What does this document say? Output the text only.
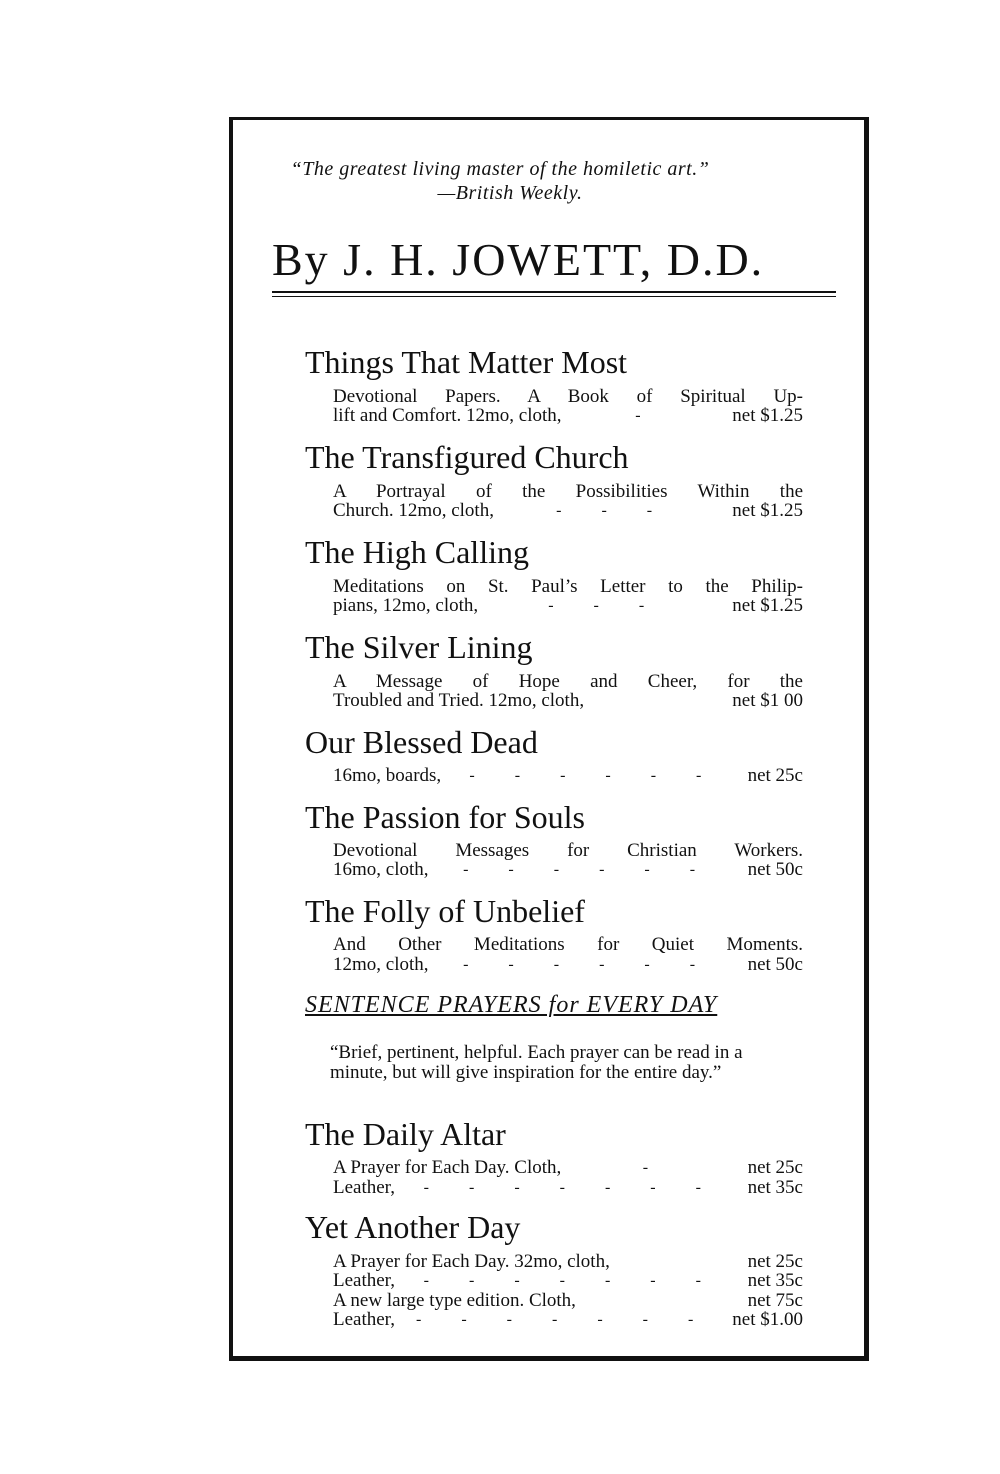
“The greatest living master of the homiletic art.”
—British Weekly.
By J. H. JOWETT, D.D.
Things That Matter Most
Devotional Papers. A Book of Spiritual Up-
lift and Comfort. 12mo, cloth,	-	net $1.25
The Transfigured Church
A Portrayal of the Possibilities Within the
Church. 12mo, cloth,	- - -	net $1.25
The High Calling
Meditations on St. Paul’s Letter to the Philip-
pians, 12mo, cloth,	- - -	net $1.25
The Silver Lining
A Message of Hope and Cheer, for the
Troubled and Tried. 12mo, cloth,	net $1 00
Our Blessed Dead
16mo, boards,	- - - - - -	net 25c
The Passion for Souls
Devotional Messages for Christian Workers.
16mo, cloth,	- - - - - -	net 50c
The Folly of Unbelief
And Other Meditations for Quiet Moments.
12mo, cloth,	- - - - - -	net 50c
SENTENCE PRAYERS for EVERY DAY
“Brief, pertinent, helpful. Each prayer can be read in a minute, but will give inspiration for the entire day.”
The Daily Altar
A Prayer for Each Day. Cloth,	-	net 25c
Leather,	- - - - - - -	net 35c
Yet Another Day
A Prayer for Each Day. 32mo, cloth,	net 25c
Leather,	- - - - - - -	net 35c
A new large type edition. Cloth,	net 75c
Leather,	- - - - - - -	net $1.00
